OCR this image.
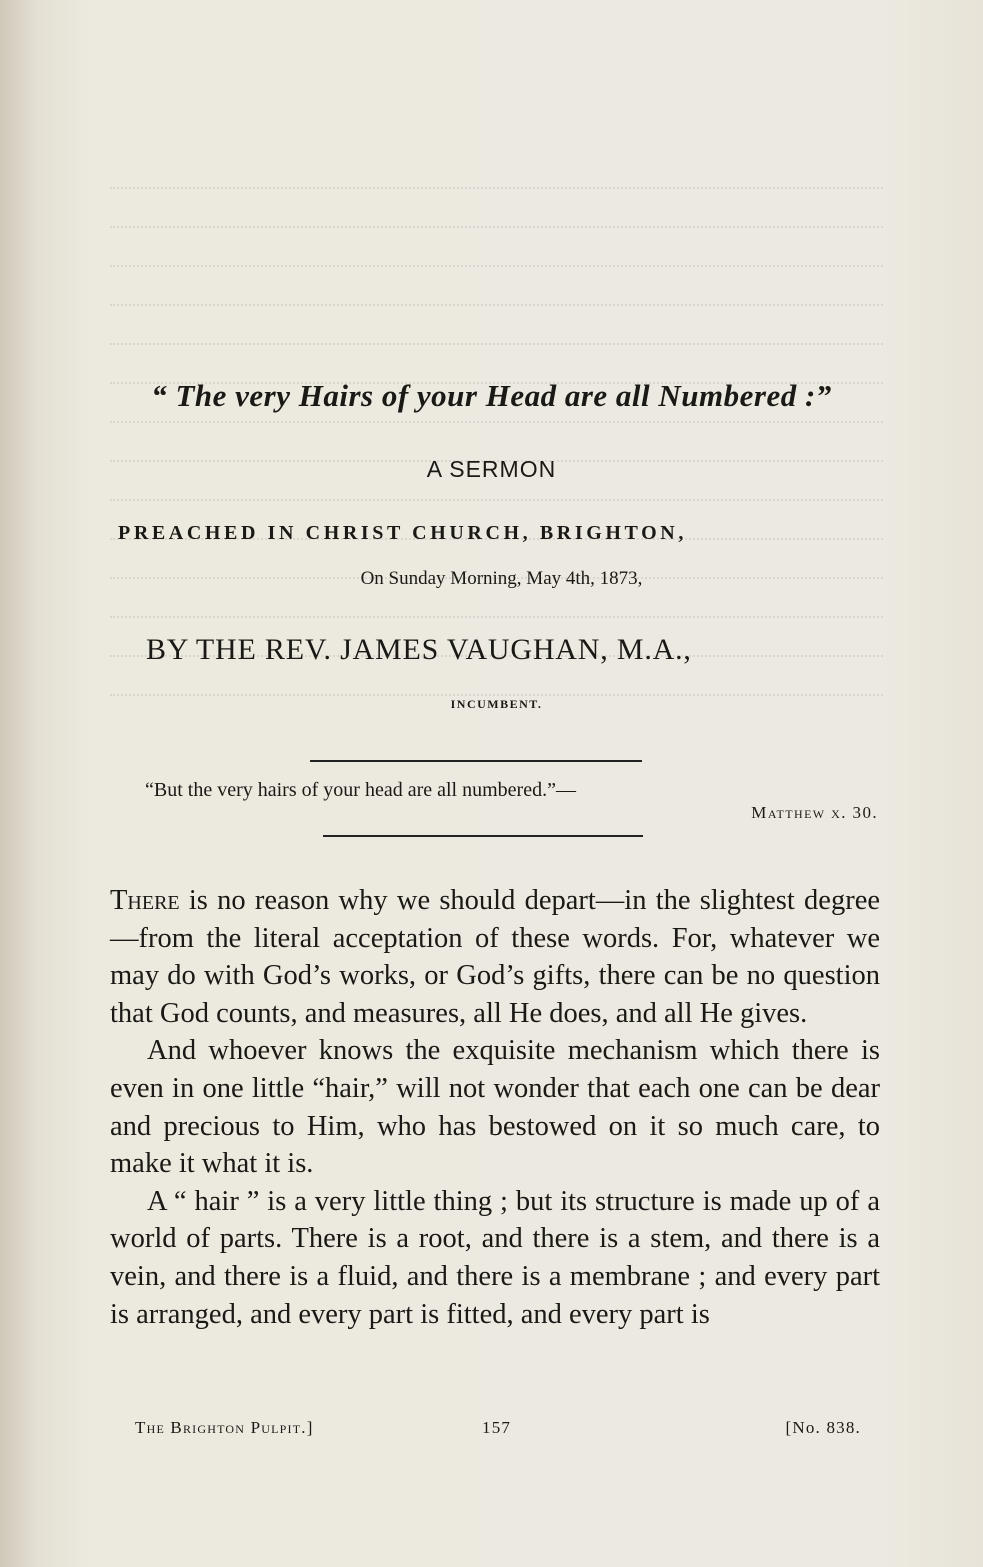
“ The very Hairs of your Head are all Numbered :”
A SERMON
PREACHED IN CHRIST CHURCH, BRIGHTON,
On Sunday Morning, May 4th, 1873,
BY THE REV. JAMES VAUGHAN, M.A.,
INCUMBENT.
“But the very hairs of your head are all numbered.”—
Matthew x. 30.

There is no reason why we should depart—in the slightest degree—from the literal acceptation of these words. For, whatever we may do with God’s works, or God’s gifts, there can be no question that God counts, and measures, all He does, and all He gives.

And whoever knows the exquisite mechanism which there is even in one little “hair,” will not wonder that each one can be dear and precious to Him, who has bestowed on it so much care, to make it what it is.

A “ hair ” is a very little thing ; but its structure is made up of a world of parts. There is a root, and there is a stem, and there is a vein, and there is a fluid, and there is a membrane ; and every part is arranged, and every part is fitted, and every part is

The Brighton Pulpit.]	157	[No. 838.
